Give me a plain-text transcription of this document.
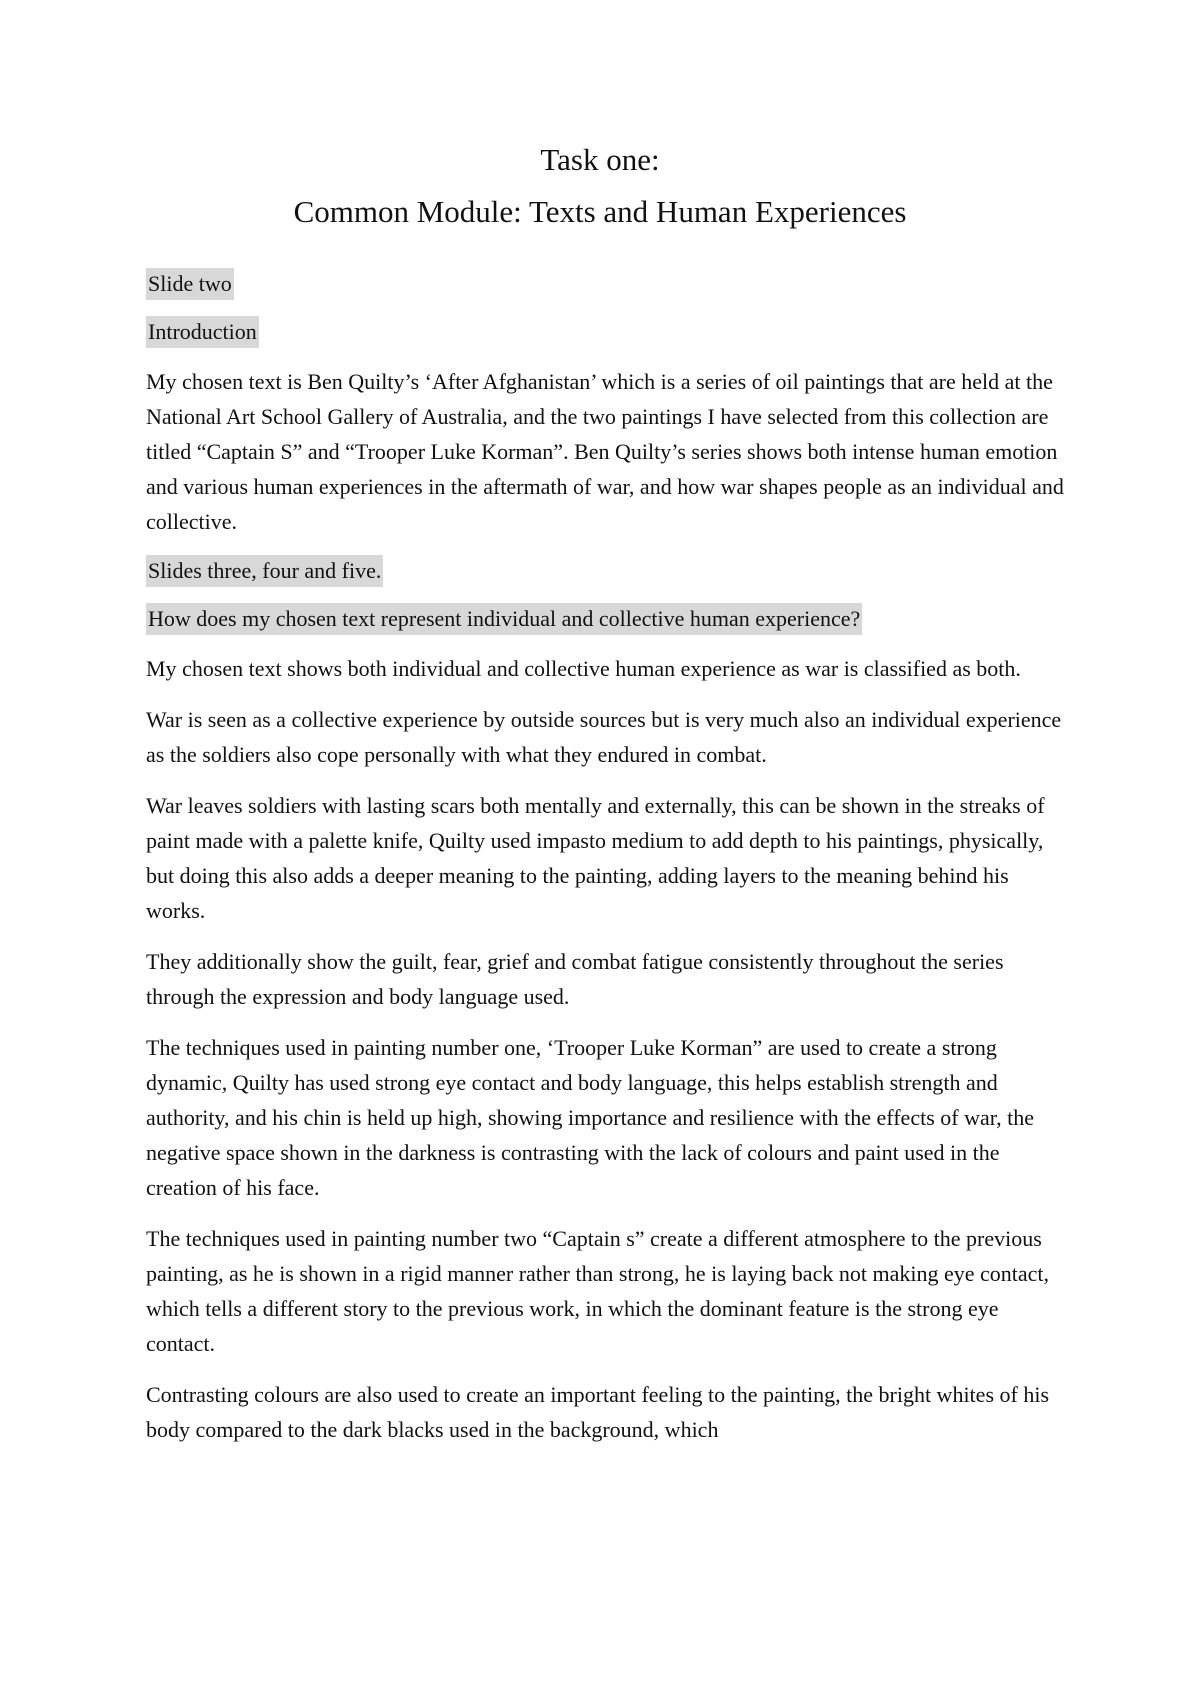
Task one:
Common Module: Texts and Human Experiences
Slide two
Introduction

My chosen text is Ben Quilty’s ‘After Afghanistan’ which is a series of oil paintings that are held at the National Art School Gallery of Australia, and the two paintings I have selected from this collection are titled “Captain S” and “Trooper Luke Korman”. Ben Quilty’s series shows both intense human emotion and various human experiences in the aftermath of war, and how war shapes people as an individual and collective.

Slides three, four and five.
How does my chosen text represent individual and collective human experience?

My chosen text shows both individual and collective human experience as war is classified as both.

War is seen as a collective experience by outside sources but is very much also an individual experience as the soldiers also cope personally with what they endured in combat.

War leaves soldiers with lasting scars both mentally and externally, this can be shown in the streaks of paint made with a palette knife, Quilty used impasto medium to add depth to his paintings, physically, but doing this also adds a deeper meaning to the painting, adding layers to the meaning behind his works.

They additionally show the guilt, fear, grief and combat fatigue consistently throughout the series through the expression and body language used.

The techniques used in painting number one, ‘Trooper Luke Korman” are used to create a strong dynamic, Quilty has used strong eye contact and body language, this helps establish strength and authority, and his chin is held up high, showing importance and resilience with the effects of war, the negative space shown in the darkness is contrasting with the lack of colours and paint used in the creation of his face.

The techniques used in painting number two “Captain s” create a different atmosphere to the previous painting, as he is shown in a rigid manner rather than strong, he is laying back not making eye contact, which tells a different story to the previous work, in which the dominant feature is the strong eye contact.

Contrasting colours are also used to create an important feeling to the painting, the bright whites of his body compared to the dark blacks used in the background, which
